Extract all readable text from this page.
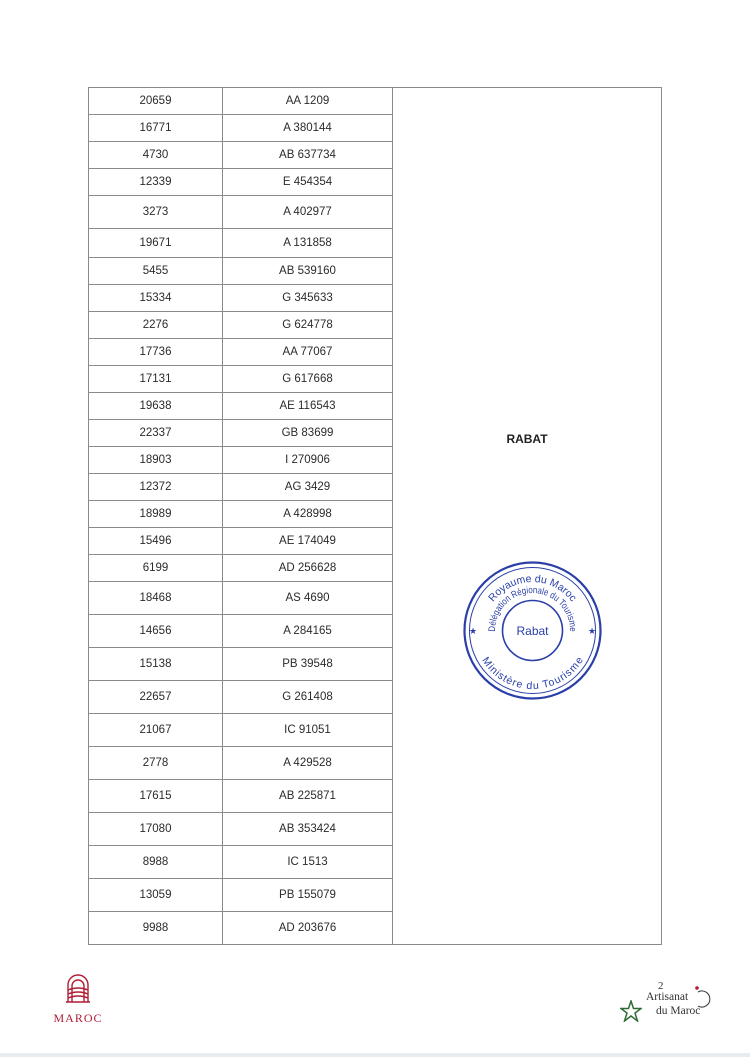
20659	AA 1209	RABAT

16771	A 380144	
4730	AB 637734	
12339	E 454354	
3273	A 402977	
19671	A 131858	
5455	AB 539160	
15334	G 345633	
2276	G 624778	
17736	AA 77067	
17131	G 617668	
19638	AE 116543	
22337	GB 83699	
18903	I 270906	
12372	AG 3429	
18989	A 428998	
15496	AE 174049	
6199	AD 256628	
18468	AS 4690	
14656	A 284165	
15138	PB 39548	
22657	G 261408	
21067	IC 91051	
2778	A 429528	
17615	AB 225871	
17080	AB 353424	
8988	IC 1513	
13059	PB 155079	
9988	AD 203676	
Royaume du Maroc
Délégation Régionale du Tourisme
Ministère du Tourisme
Rabat
★	★
MAROC
2
Artisanat
du Maroc
